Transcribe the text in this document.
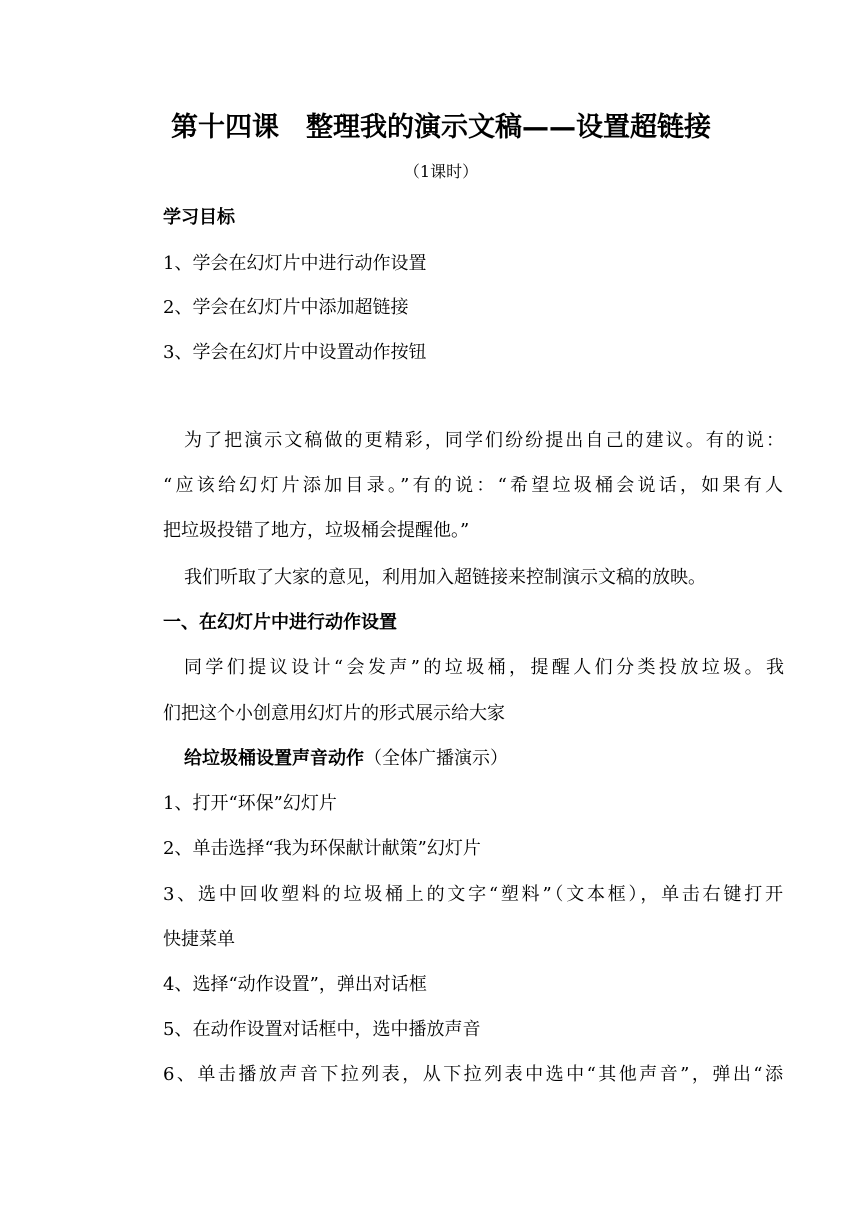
第十四课　整理我的演示文稿——设置超链接
（1课时）
学习目标
1、学会在幻灯片中进行动作设置
2、学会在幻灯片中添加超链接
3、学会在幻灯片中设置动作按钮
为了把演示文稿做的更精彩，同学们纷纷提出自己的建议。有的说：
“应该给幻灯片添加目录。”有的说：“希望垃圾桶会说话，如果有人
把垃圾投错了地方，垃圾桶会提醒他。”
我们听取了大家的意见，利用加入超链接来控制演示文稿的放映。
一、在幻灯片中进行动作设置
同学们提议设计“会发声”的垃圾桶，提醒人们分类投放垃圾。我
们把这个小创意用幻灯片的形式展示给大家
给垃圾桶设置声音动作（全体广播演示）
1、打开“环保”幻灯片
2、单击选择“我为环保献计献策”幻灯片
3、选中回收塑料的垃圾桶上的文字“塑料”（文本框），单击右键打开
快捷菜单
4、选择“动作设置”，弹出对话框
5、在动作设置对话框中，选中播放声音
6、单击播放声音下拉列表，从下拉列表中选中“其他声音”，弹出“添
